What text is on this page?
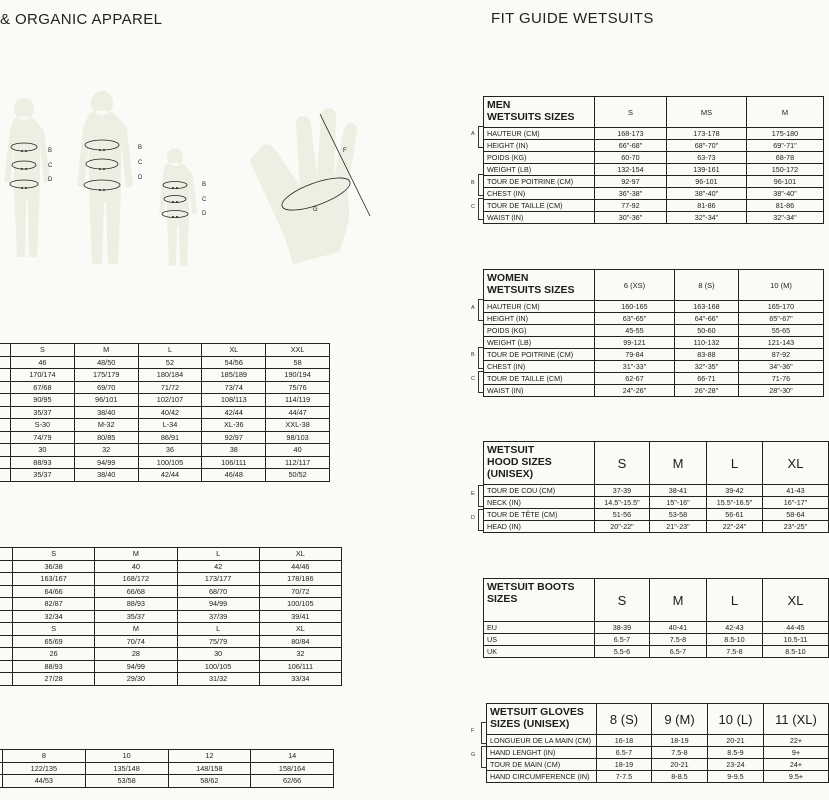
& ORGANIC APPAREL	FIT GUIDE WETSUITS
B
C
D
B
C
D
B
C
D
F
G
	S	M	L	XL	XXL
	46	48/50	52	54/56	58
	170/174	175/179	180/184	185/189	190/194
	67/68	69/70	71/72	73/74	75/76
	90/95	96/101	102/107	108/113	114/119
	35/37	38/40	40/42	42/44	44/47
	S-30	M-32	L-34	XL-36	XXL-38
	74/79	80/85	86/91	92/97	98/103
	30	32	36	38	40
	88/93	94/99	100/105	106/111	112/117
	35/37	38/40	42/44	46/48	50/52
	S	M	L	XL
	36/38	40	42	44/46
	163/167	168/172	173/177	178/186
	64/66	66/68	68/70	70/72
	82/87	88/93	94/99	100/105
	32/34	35/37	37/39	39/41
	S	M	L	XL
	65/69	70/74	75/79	80/84
	26	28	30	32
	88/93	94/99	100/105	106/111
	27/28	29/30	31/32	33/34
	8	10	12	14
	122/135	135/148	148/158	158/164
	44/53	53/58	58/62	62/66
MEN
WETSUITS SIZES	S	MS	M
HAUTEUR (CM)	168-173	173-178	175-180
HEIGHT (IN)	66"-68"	68"-70"	69"-71"
POIDS (KG)	60-70	63-73	68-78
WEIGHT (LB)	132-154	139-161	150-172
TOUR DE POITRINE (CM)	92-97	96-101	96-101
CHEST (IN)	36"-38"	38"-40"	38"-40"
TOUR DE TAILLE (CM)	77-92	81-86	81-86
WAIST (IN)	30"-36"	32"-34"	32"-34"
WOMEN
WETSUITS SIZES	6 (XS)	8 (S)	10 (M)
HAUTEUR (CM)	160-165	163-168	165-170
HEIGHT (IN)	63"-65"	64"-66"	65"-67"
POIDS (KG)	45-55	50-60	55-65
WEIGHT (LB)	99-121	110-132	121-143
TOUR DE POITRINE (CM)	79-84	83-88	87-92
CHEST (IN)	31"-33"	32"-35"	34"-36"
TOUR DE TAILLE (CM)	62-67	66-71	71-76
WAIST (IN)	24"-26"	26"-28"	28"-30"
WETSUIT
HOOD SIZES
(UNISEX)	S	M	L	XL
TOUR DE COU (CM)	37-39	38-41	39-42	41-43
NECK (IN)	14.5"-15.5"	15"-16"	15.5"-16.5"	16"-17"
TOUR DE TÊTE (CM)	51-56	53-58	56-61	58-64
HEAD (IN)	20"-22"	21"-23"	22"-24"	23"-25"
WETSUIT BOOTS
SIZES	S	M	L	XL
EU	38-39	40-41	42-43	44-45
US	6.5-7	7.5-8	8.5-10	10.5-11
UK	5.5-6	6.5-7	7.5-8	8.5-10
WETSUIT GLOVES
SIZES (UNISEX)	8 (S)	9 (M)	10 (L)	11 (XL)
LONGUEUR DE LA MAIN (CM)	16-18	18-19	20-21	22+
HAND LENGHT (IN)	6.5-7	7.5-8	8.5-9	9+
TOUR DE MAIN (CM)	18-19	20-21	23-24	24+
HAND CIRCUMFERENCE (IN)	7-7.5	8-8.5	9-9.5	9.5+
A
B
C
A
B
C
E
D
F
G
